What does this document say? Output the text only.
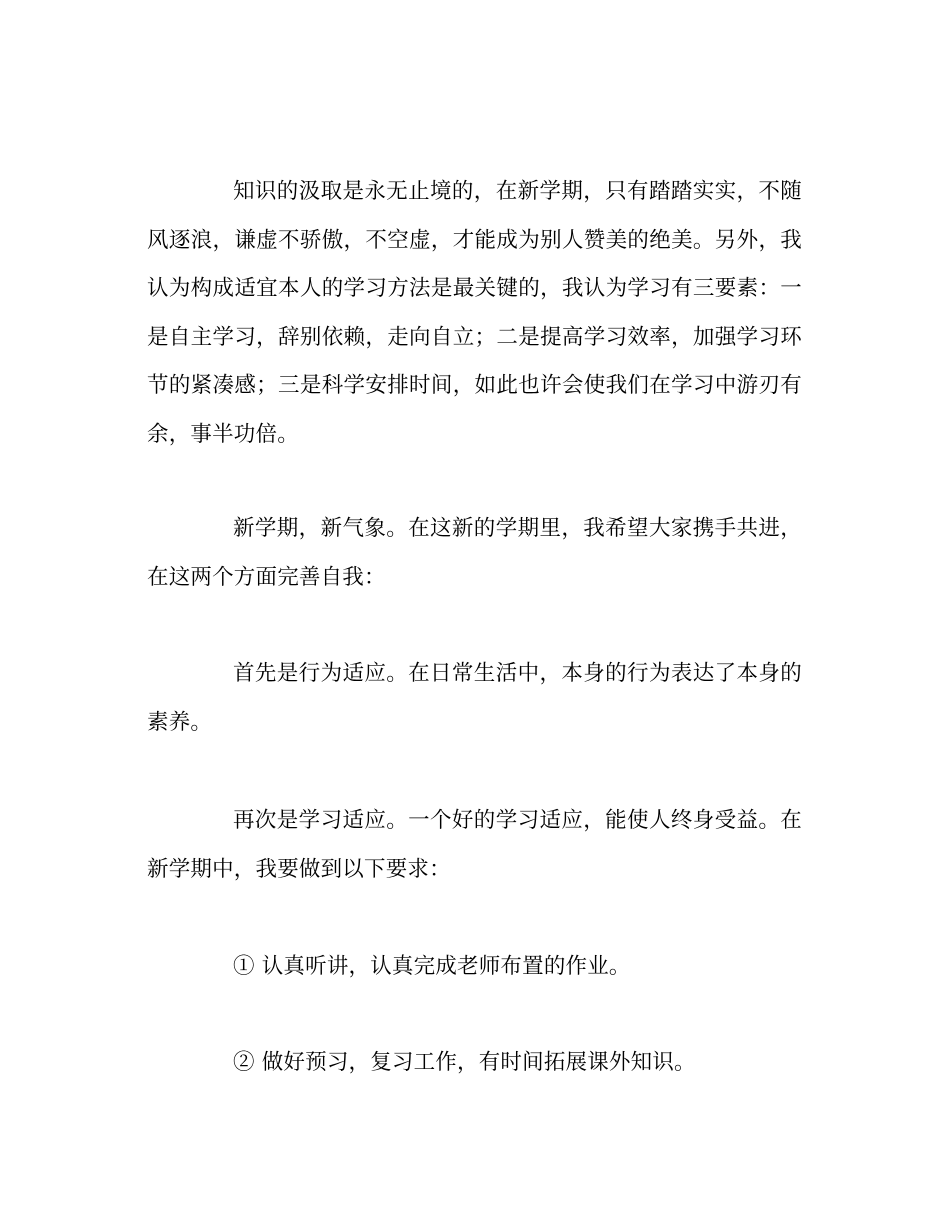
知识的汲取是永无止境的，在新学期，只有踏踏实实，不随风逐浪，谦虚不骄傲，不空虚，才能成为别人赞美的绝美。另外，我认为构成适宜本人的学习方法是最关键的，我认为学习有三要素：一是自主学习，辞别依赖，走向自立；二是提高学习效率，加强学习环节的紧凑感；三是科学安排时间，如此也许会使我们在学习中游刃有余，事半功倍。

新学期，新气象。在这新的学期里，我希望大家携手共进，在这两个方面完善自我：

首先是行为适应。在日常生活中，本身的行为表达了本身的素养。

再次是学习适应。一个好的学习适应，能使人终身受益。在新学期中，我要做到以下要求：

① 认真听讲，认真完成老师布置的作业。

② 做好预习，复习工作，有时间拓展课外知识。
